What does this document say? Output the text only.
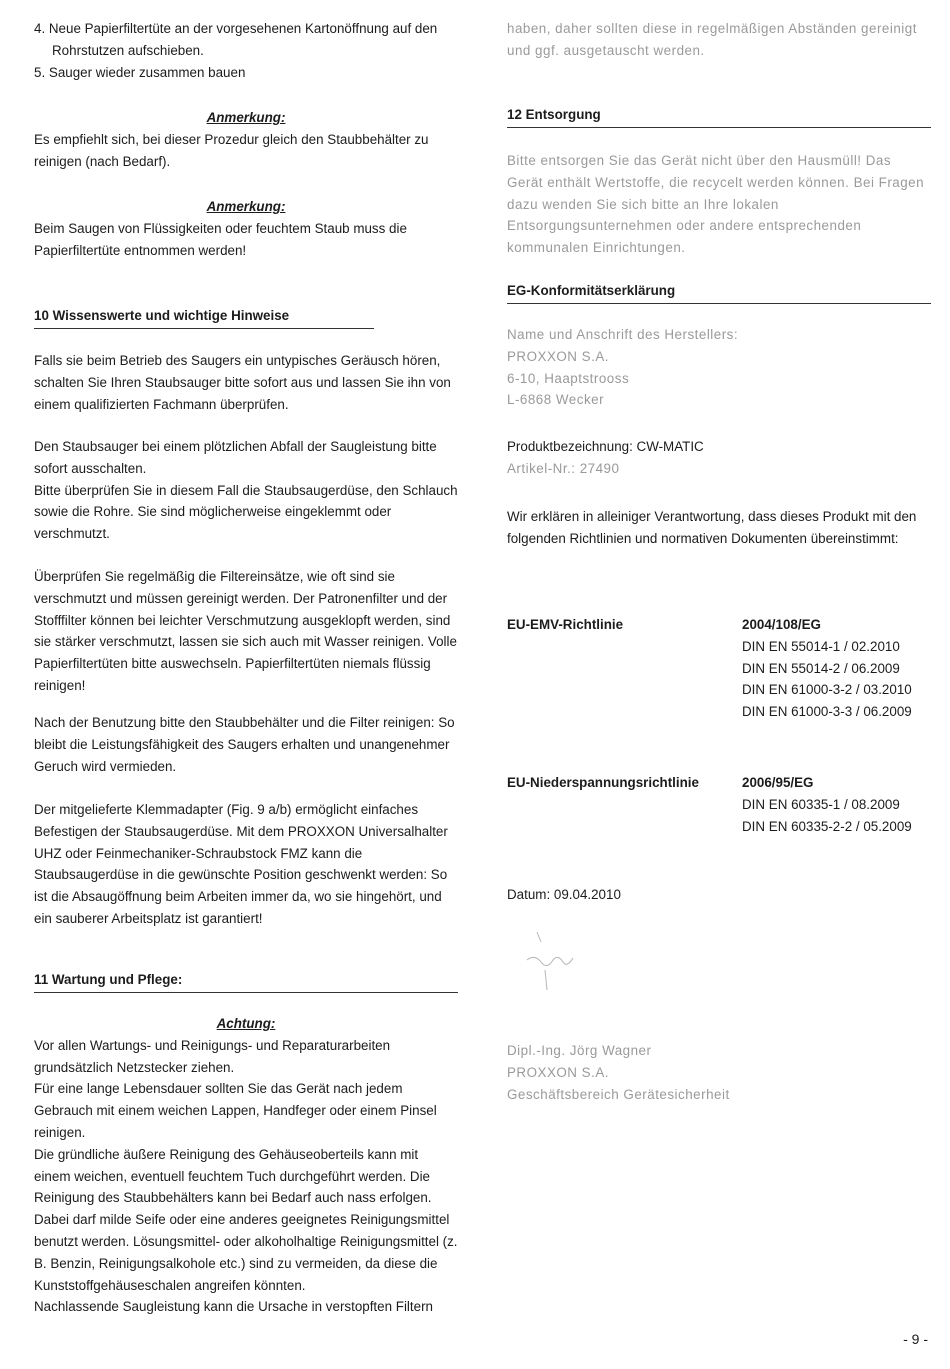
4. Neue Papierfiltertüte an der vorgesehenen Kartonöffnung auf den Rohrstutzen aufschieben.

5. Sauger wieder zusammen bauen

Anmerkung:

Es empfiehlt sich, bei dieser Prozedur gleich den Staubbehälter zu reinigen (nach Bedarf).

Anmerkung:

Beim Saugen von Flüssigkeiten oder feuchtem Staub muss die Papierfiltertüte entnommen werden!

10 Wissenswerte und wichtige Hinweise

Falls sie beim Betrieb des Saugers ein untypisches Geräusch hören, schalten Sie Ihren Staubsauger bitte sofort aus und lassen Sie ihn von einem qualifizierten Fachmann überprüfen.

Den Staubsauger bei einem plötzlichen Abfall der Saugleistung bitte sofort ausschalten.

Bitte überprüfen Sie in diesem Fall die Staubsaugerdüse, den Schlauch sowie die Rohre. Sie sind möglicherweise eingeklemmt oder verschmutzt.

Überprüfen Sie regelmäßig die Filtereinsätze, wie oft sind sie verschmutzt und müssen gereinigt werden. Der Patronenfilter und der Stofffilter können bei leichter Verschmutzung ausgeklopft werden, sind sie stärker verschmutzt, lassen sie sich auch mit Wasser reinigen. Volle Papierfiltertüten bitte auswechseln. Papierfiltertüten niemals flüssig reinigen!

Nach der Benutzung bitte den Staubbehälter und die Filter reinigen: So bleibt die Leistungsfähigkeit des Saugers erhalten und unangenehmer Geruch wird vermieden.

Der mitgelieferte Klemmadapter (Fig. 9 a/b) ermöglicht einfaches Befestigen der Staubsaugerdüse. Mit dem PROXXON Universalhalter UHZ oder Feinmechaniker-Schraubstock FMZ kann die Staubsaugerdüse in die gewünschte Position geschwenkt werden: So ist die Absaugöffnung beim Arbeiten immer da, wo sie hingehört, und ein sauberer Arbeitsplatz ist garantiert!

11 Wartung und Pflege:

Achtung:

Vor allen Wartungs- und Reinigungs- und Reparaturarbeiten grundsätzlich Netzstecker ziehen.

Für eine lange Lebensdauer sollten Sie das Gerät nach jedem Gebrauch mit einem weichen Lappen, Handfeger oder einem Pinsel reinigen.

Die gründliche äußere Reinigung des Gehäuseoberteils kann mit einem weichen, eventuell feuchtem Tuch durchgeführt werden. Die Reinigung des Staubbehälters kann bei Bedarf auch nass erfolgen. Dabei darf milde Seife oder eine anderes geeignetes Reinigungsmittel benutzt werden. Lösungsmittel- oder alkoholhaltige Reinigungsmittel (z. B. Benzin, Reinigungsalkohole etc.) sind zu vermeiden, da diese die Kunststoffgehäuseschalen angreifen könnten.

Nachlassende Saugleistung kann die Ursache in verstopften Filtern

haben, daher sollten diese in regelmäßigen Abständen gereinigt und ggf. ausgetauscht werden.

12 Entsorgung

Bitte entsorgen Sie das Gerät nicht über den Hausmüll! Das Gerät enthält Wertstoffe, die recycelt werden können. Bei Fragen dazu wenden Sie sich bitte an Ihre lokalen Entsorgungsunternehmen oder andere entsprechenden kommunalen Einrichtungen.

EG-Konformitätserklärung

Name und Anschrift des Herstellers:

PROXXON S.A.

6-10, Haaptstrooss

L-6868 Wecker

Produktbezeichnung: CW-MATIC

Artikel-Nr.: 27490

Wir erklären in alleiniger Verantwortung, dass dieses Produkt mit den folgenden Richtlinien und normativen Dokumenten übereinstimmt:

EU-EMV-Richtlinie	2004/108/EG

DIN EN 55014-1 / 02.2010

DIN EN 55014-2 / 06.2009

DIN EN 61000-3-2 / 03.2010

DIN EN 61000-3-3 / 06.2009

EU-Niederspannungsrichtlinie	2006/95/EG

DIN EN 60335-1 / 08.2009

DIN EN 60335-2-2 / 05.2009

Datum: 09.04.2010

Dipl.-Ing. Jörg Wagner

PROXXON S.A.

Geschäftsbereich Gerätesicherheit

- 9 -
